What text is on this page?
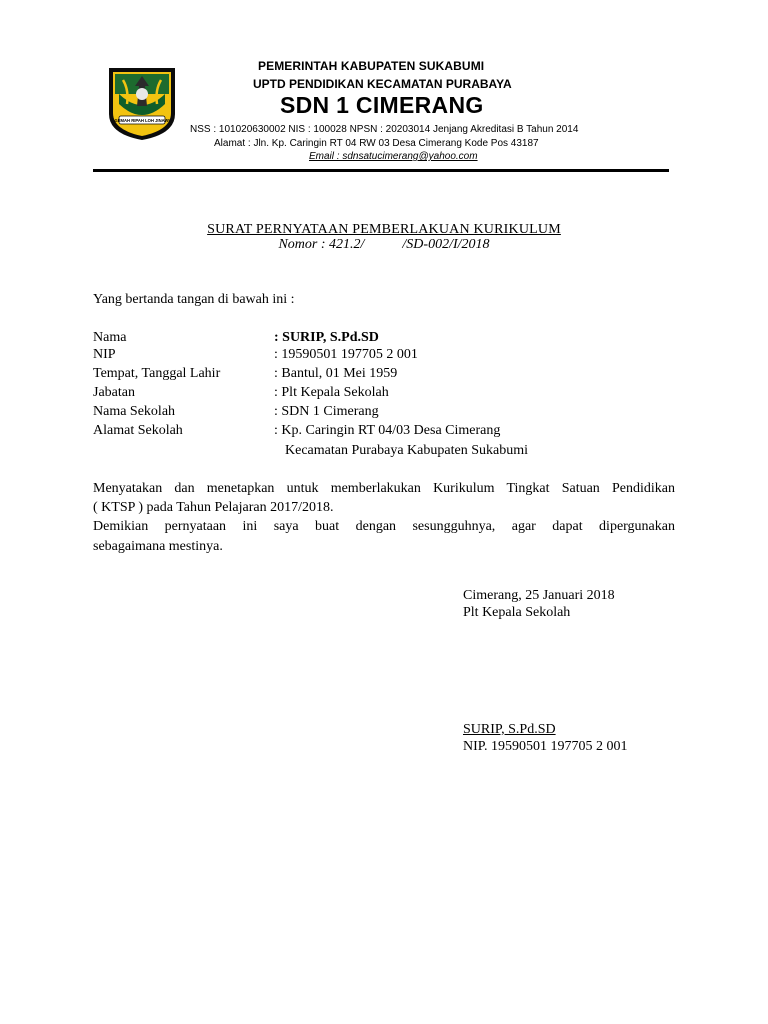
GEMAH RIPAH LOH JINAWI
PEMERINTAH KABUPATEN SUKABUMI
UPTD PENDIDIKAN KECAMATAN PURABAYA
SDN 1 CIMERANG
NSS : 101020630002 NIS : 100028 NPSN : 20203014 Jenjang Akreditasi B Tahun 2014
Alamat : Jln. Kp. Caringin RT 04 RW 03 Desa Cimerang Kode Pos 43187
Email : sdnsatucimerang@yahoo.com
SURAT PERNYATAAN PEMBERLAKUAN KURIKULUM
Nomor : 421.2/	/SD-002/I/2018
Yang bertanda tangan di bawah ini :
Nama	: SURIP, S.Pd.SD
NIP	: 19590501 197705 2 001
Tempat, Tanggal Lahir	: Bantul, 01 Mei 1959
Jabatan	: Plt Kepala Sekolah
Nama Sekolah	: SDN 1 Cimerang
Alamat Sekolah	: Kp. Caringin RT 04/03 Desa Cimerang
Kecamatan Purabaya Kabupaten Sukabumi
Menyatakan dan menetapkan untuk memberlakukan Kurikulum Tingkat Satuan Pendidikan
( KTSP ) pada Tahun Pelajaran 2017/2018.
Demikian pernyataan ini saya buat dengan sesungguhnya, agar dapat dipergunakan
sebagaimana mestinya.
Cimerang, 25 Januari 2018
Plt Kepala Sekolah
SURIP, S.Pd.SD
NIP. 19590501 197705 2 001
